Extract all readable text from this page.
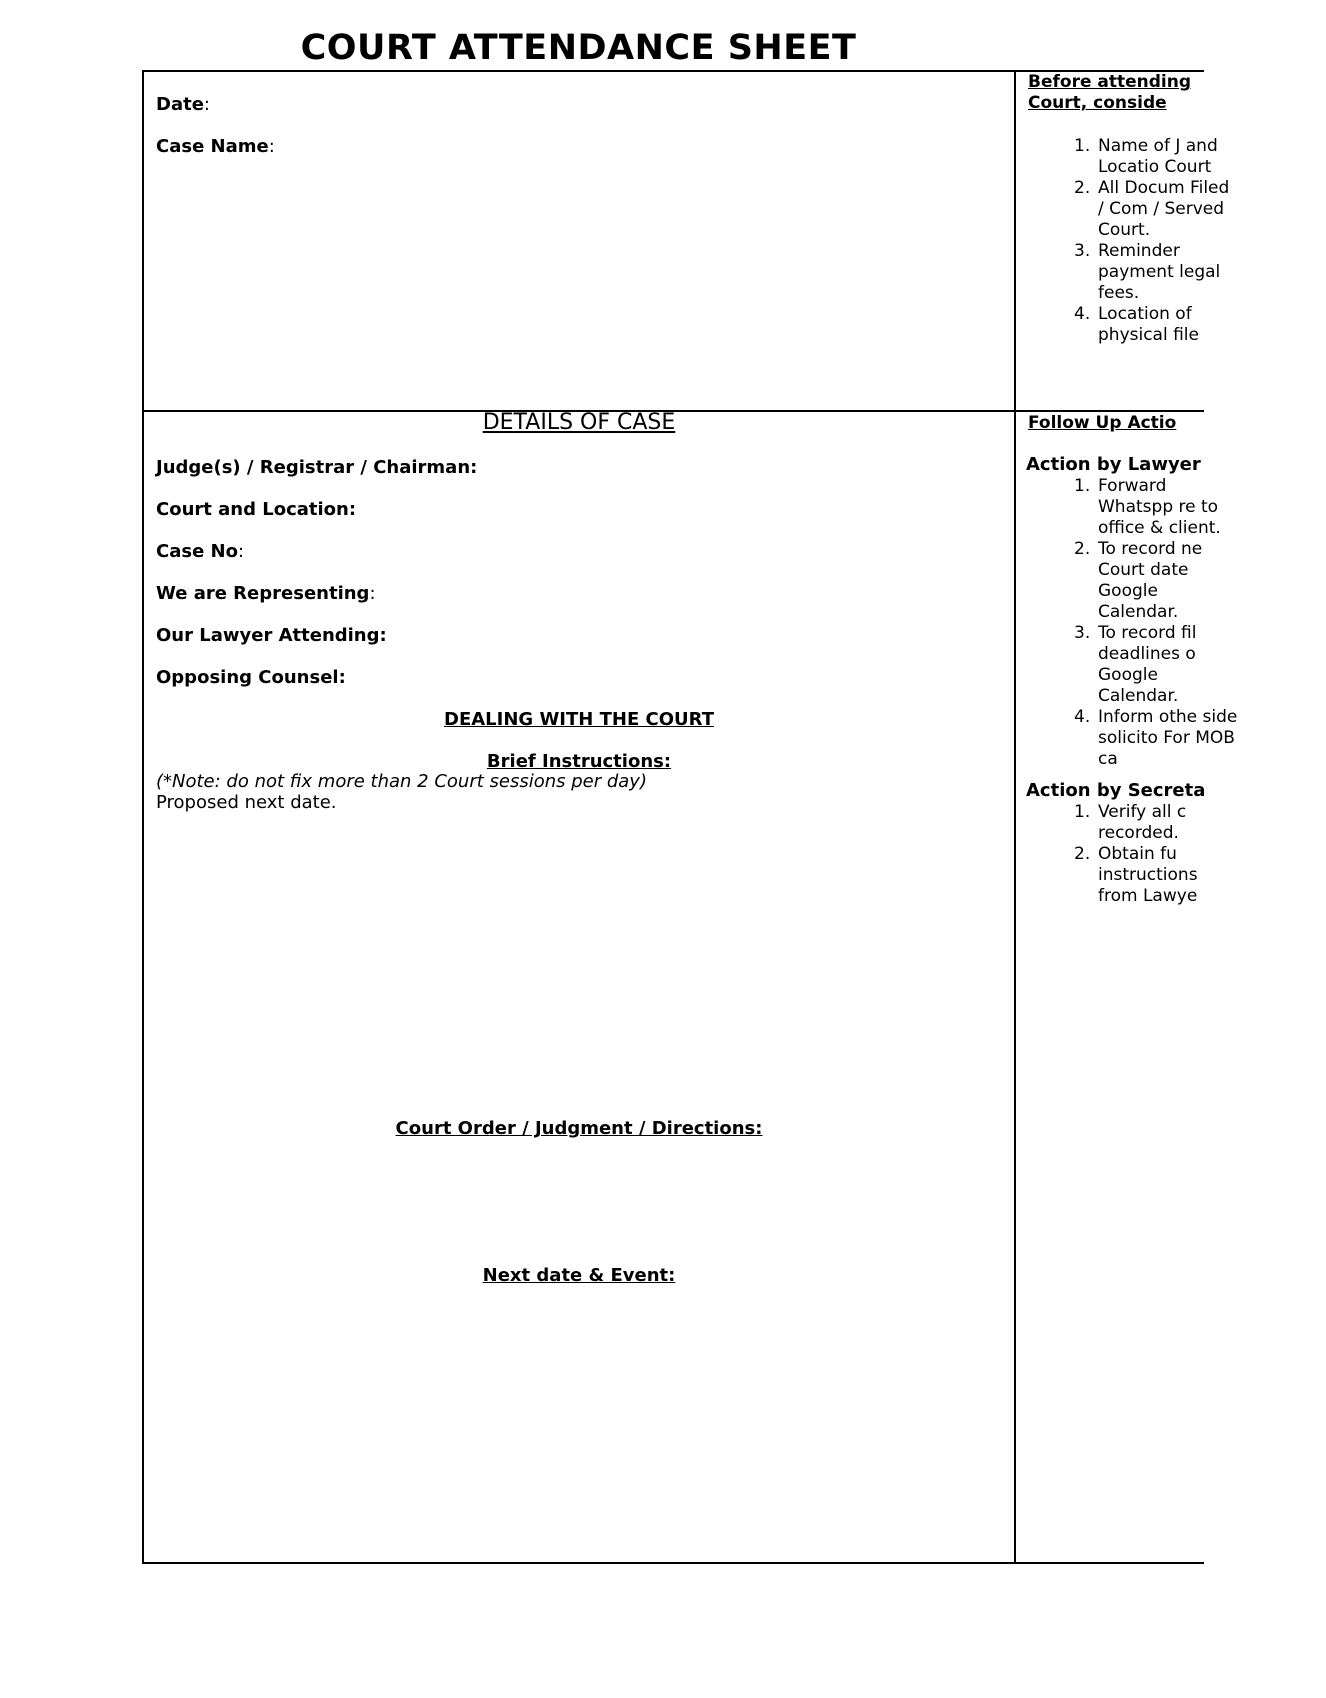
COURT ATTENDANCE SHEET
Date:
Case Name:
DETAILS OF CASE
Judge(s) / Registrar / Chairman:
Court and Location:
Case No:
We are Representing:
Our Lawyer Attending:
Opposing Counsel:
DEALING WITH THE COURT
Brief Instructions:
(*Note: do not fix more than 2 Court sessions per day)
Proposed next date.
Court Order / Judgment / Directions:
Next date & Event:
Before attending
Court, conside
1. Name of J and Locatio Court
2. All Docum Filed / Com / Served Court.
3. Reminder payment legal fees.
4. Location of physical file
Follow Up Actio
Action by Lawyer
1. Forward Whatspp re to office & client.
2. To record ne Court date Google Calendar.
3. To record fil deadlines o Google Calendar.
4. Inform othe side solicito For MOB ca
Action by Secreta
1. Verify all c recorded.
2. Obtain fu instructions from Lawye
